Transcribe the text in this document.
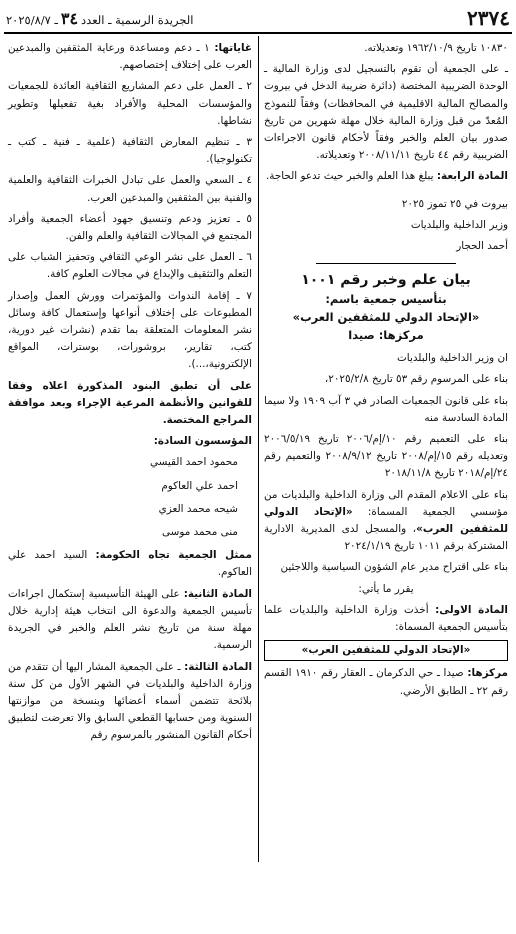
٢٣٧٤
الجريدة الرسمية ـ العدد٣٤ـ ٢٠٢٥/٨/٧

١٠٨٣٠ تاريخ ١٩٦٢/١٠/٩ وتعديلاته.

ـ على الجمعية أن تقوم بالتسجيل لدى وزارة المالية ـ الوحدة الضريبية المختصة (دائرة ضريبة الدخل في بيروت والمصالح المالية الاقليمية في المحافظات) وفقاً للنموذج المُعدّ من قبل وزارة المالية خلال مهلة شهرين من تاريخ صدور بيان العلم والخبر وفقاً لأحكام قانون الاجراءات الضريبية رقم ٤٤ تاريخ ٢٠٠٨/١١/١١ وتعديلاته.

المادة الرابعة: يبلغ هذا العلم والخبر حيث تدعو الحاجة.

بيروت في ٢٥ تموز ٢٠٢٥

وزير الداخلية والبلديات

أحمد الحجار

بيان علم وخبر رقم ١٠٠١
بتأسيس جمعية باسم:
«الإتحاد الدولي للمثقفين العرب»
مركزها: صيدا

ان وزير الداخلية والبلديات

بناء على المرسوم رقم ٥٣ تاريخ ٢٠٢٥/٢/٨،

بناء على قانون الجمعيات الصادر في ٣ آب ١٩٠٩ ولا سيما المادة السادسة منه

بناء على التعميم رقم ١٠/إم/٢٠٠٦ تاريخ ٢٠٠٦/٥/١٩ وتعديله رقم ١٥/إم/٢٠٠٨ تاريخ ٢٠٠٨/٩/١٢ والتعميم رقم ٢٤/إم/٢٠١٨ تاريخ ٢٠١٨/١١/٨

بناء على الاعلام المقدم الى وزارة الداخلية والبلديات من مؤسسي الجمعية المسماة: «الإتحاد الدولي للمثقفين العرب»، والمسجل لدى المديرية الادارية المشتركة برقم ١٠١١ تاريخ ٢٠٢٤/١/١٩

بناء على اقتراح مدير عام الشؤون السياسية واللاجئين

يقرر ما يأتي:

المادة الاولى: أخذت وزارة الداخلية والبلديات علما بتأسيس الجمعية المسماة:

«الإتحاد الدولي للمثقفين العرب»

مركزها: صيدا ـ حي الدكرمان ـ العقار رقم ١٩١٠ القسم رقم ٢٢ ـ الطابق الأرضي.

غاياتها: ١ ـ دعم ومساعدة ورعاية المثقفين والمبدعين العرب على إختلاف إختصاصهم.

٢ ـ العمل على دعم المشاريع الثقافية العائدة للجمعيات والمؤسسات المحلية والأفراد بغية تفعيلها وتطوير نشاطها.

٣ ـ تنظيم المعارض الثقافية (علمية ـ فنية ـ كتب ـ تكنولوجيا).

٤ ـ السعي والعمل على تبادل الخبرات الثقافية والعلمية والفنية بين المثقفين والمبدعين العرب.

٥ ـ تعزيز ودعم وتنسيق جهود أعضاء الجمعية وأفراد المجتمع في المجالات الثقافية والعلم والفن.

٦ ـ العمل على نشر الوعي الثقافي وتحفيز الشباب على التعلم والتثقيف والإبداع في مجالات العلوم كافة.

٧ ـ إقامة الندوات والمؤتمرات وورش العمل وإصدار المطبوعات على إختلاف أنواعها وإستعمال كافة وسائل نشر المعلومات المتعلقة بما تقدم (نشرات غير دورية، كتب، تقارير، بروشورات، بوسترات، المواقع الإلكترونية،...).

على أن تطبق البنود المذكورة اعلاه وفقا للقوانين والأنظمة المرعية الإجراء وبعد موافقة المراجع المختصة.

المؤسسون السادة:

محمود احمد القيسي

احمد علي العاكوم

شيحه محمد العزي

منى محمد موسى

ممثل الجمعية تجاه الحكومة: السيد احمد علي العاكوم.

المادة الثانية: على الهيئة التأسيسية إستكمال اجراءات تأسيس الجمعية والدعوة الى انتخاب هيئة إدارية خلال مهلة سنة من تاريخ نشر العلم والخبر في الجريدة الرسمية.

المادة الثالثة: ـ على الجمعية المشار اليها أن تتقدم من وزارة الداخلية والبلديات في الشهر الأول من كل سنة بلائحة تتضمن أسماء أعضائها وبنسخة من موازنتها السنوية ومن حسابها القطعي السابق والا تعرضت لتطبيق أحكام القانون المنشور بالمرسوم رقم
